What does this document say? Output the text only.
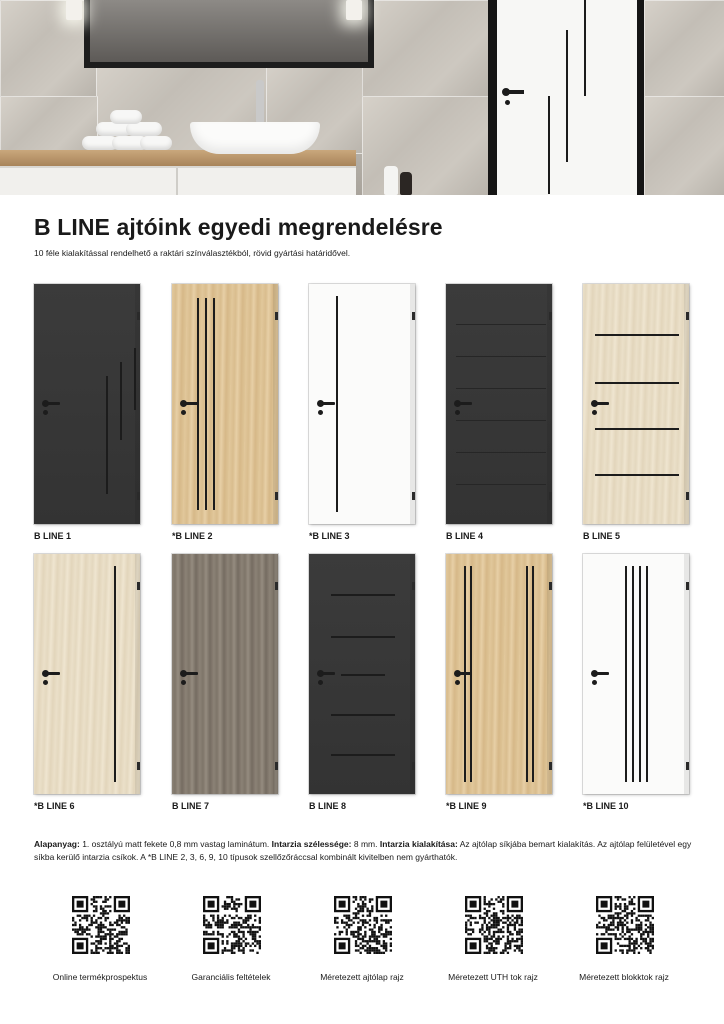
B LINE ajtóink egyedi megrendelésre

10 féle kialakítással rendelhető a raktári színválasztékból, rövid gyártási határidővel.

B LINE 1	*B LINE 2	*B LINE 3	B LINE 4	B LINE 5
*B LINE 6	B LINE 7	B LINE 8	*B LINE 9	*B LINE 10

Alapanyag: 1. osztályú matt fekete 0,8 mm vastag laminátum. Intarzia szélessége: 8 mm. Intarzia kialakítása: Az ajtólap síkjába bemart kialakítás. Az ajtólap felületével egy síkba kerülő intarzia csíkok. A *B LINE 2, 3, 6, 9, 10 típusok szellőzőráccsal kombinált kivitelben nem gyárthatók.

Online termékprospektus	Garanciális feltételek	Méretezett ajtólap rajz	Méretezett UTH tok rajz	Méretezett blokktok rajz
